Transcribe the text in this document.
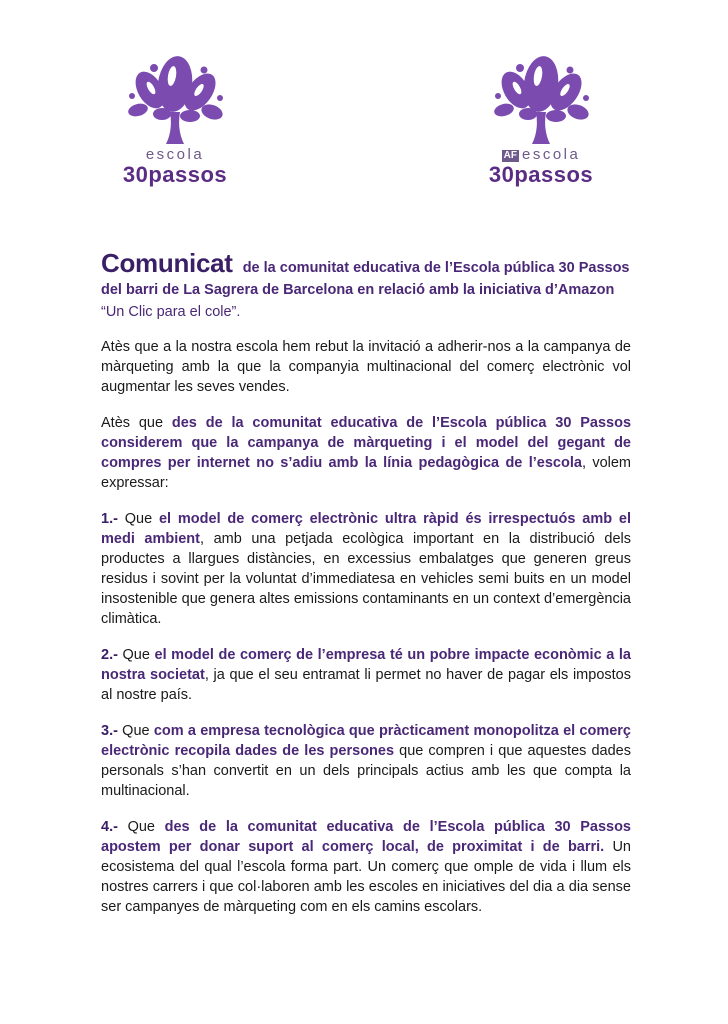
escola
30passos
AF escola
30passos

Comunicat de la comunitat educativa de l’Escola pública 30 Passos del barri de La Sagrera de Barcelona en relació amb la iniciativa d’Amazon “Un Clic para el cole”.

Atès que a la nostra escola hem rebut la invitació a adherir-nos a la campanya de màrqueting amb la que la companyia multinacional del comerç electrònic vol augmentar les seves vendes.

Atès que des de la comunitat educativa de l’Escola pública 30 Passos considerem que la campanya de màrqueting i el model del gegant de compres per internet no s’adiu amb la línia pedagògica de l’escola, volem expressar:

1.- Que el model de comerç electrònic ultra ràpid és irrespectuós amb el medi ambient, amb una petjada ecològica important en la distribució dels productes a llargues distàncies, en excessius embalatges que generen greus residus i sovint per la voluntat d’immediatesa en vehicles semi buits en un model insostenible que genera altes emissions contaminants en un context d’emergència climàtica.

2.- Que el model de comerç de l’empresa té un pobre impacte econòmic a la nostra societat, ja que el seu entramat li permet no haver de pagar els impostos al nostre país.

3.- Que com a empresa tecnològica que pràcticament monopolitza el comerç electrònic recopila dades de les persones que compren i que aquestes dades personals s’han convertit en un dels principals actius amb les que compta la multinacional.

4.- Que des de la comunitat educativa de l’Escola pública 30 Passos apostem per donar suport al comerç local, de proximitat i de barri. Un ecosistema del qual l’escola forma part. Un comerç que omple de vida i llum els nostres carrers i que col·laboren amb les escoles en iniciatives del dia a dia sense ser campanyes de màrqueting com en els camins escolars.
